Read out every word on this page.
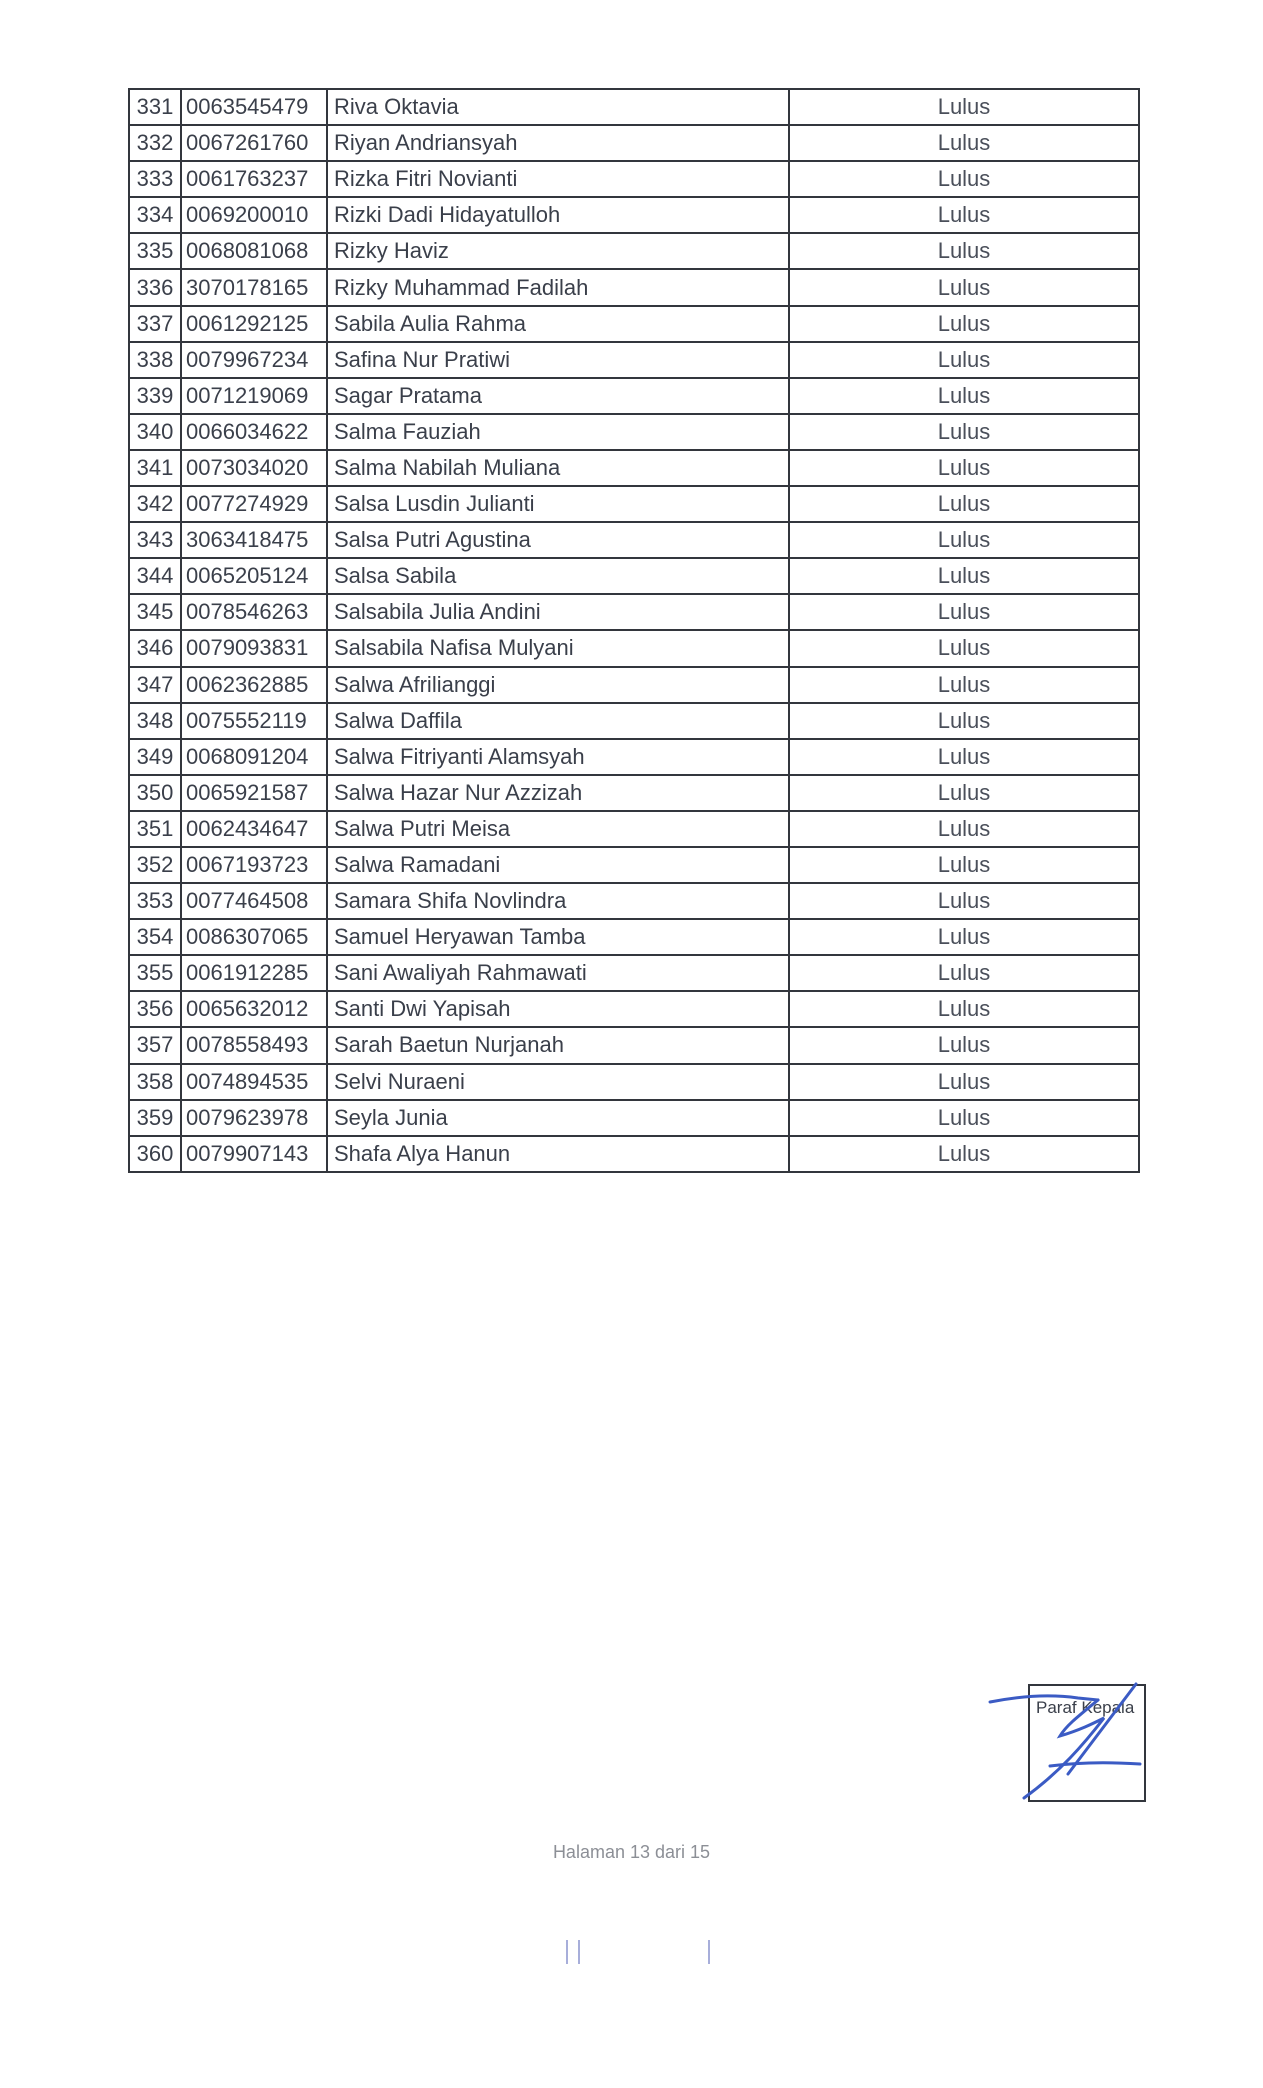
331	0063545479	Riva Oktavia	Lulus
332	0067261760	Riyan Andriansyah	Lulus
333	0061763237	Rizka Fitri Novianti	Lulus
334	0069200010	Rizki Dadi Hidayatulloh	Lulus
335	0068081068	Rizky Haviz	Lulus
336	3070178165	Rizky Muhammad Fadilah	Lulus
337	0061292125	Sabila Aulia Rahma	Lulus
338	0079967234	Safina Nur Pratiwi	Lulus
339	0071219069	Sagar Pratama	Lulus
340	0066034622	Salma Fauziah	Lulus
341	0073034020	Salma Nabilah Muliana	Lulus
342	0077274929	Salsa Lusdin Julianti	Lulus
343	3063418475	Salsa Putri Agustina	Lulus
344	0065205124	Salsa Sabila	Lulus
345	0078546263	Salsabila Julia Andini	Lulus
346	0079093831	Salsabila Nafisa Mulyani	Lulus
347	0062362885	Salwa Afrilianggi	Lulus
348	0075552119	Salwa Daffila	Lulus
349	0068091204	Salwa Fitriyanti Alamsyah	Lulus
350	0065921587	Salwa Hazar Nur Azzizah	Lulus
351	0062434647	Salwa Putri Meisa	Lulus
352	0067193723	Salwa Ramadani	Lulus
353	0077464508	Samara Shifa Novlindra	Lulus
354	0086307065	Samuel Heryawan Tamba	Lulus
355	0061912285	Sani Awaliyah Rahmawati	Lulus
356	0065632012	Santi Dwi Yapisah	Lulus
357	0078558493	Sarah Baetun Nurjanah	Lulus
358	0074894535	Selvi Nuraeni	Lulus
359	0079623978	Seyla Junia	Lulus
360	0079907143	Shafa Alya Hanun	Lulus
Paraf Kepala
Halaman 13 dari 15
